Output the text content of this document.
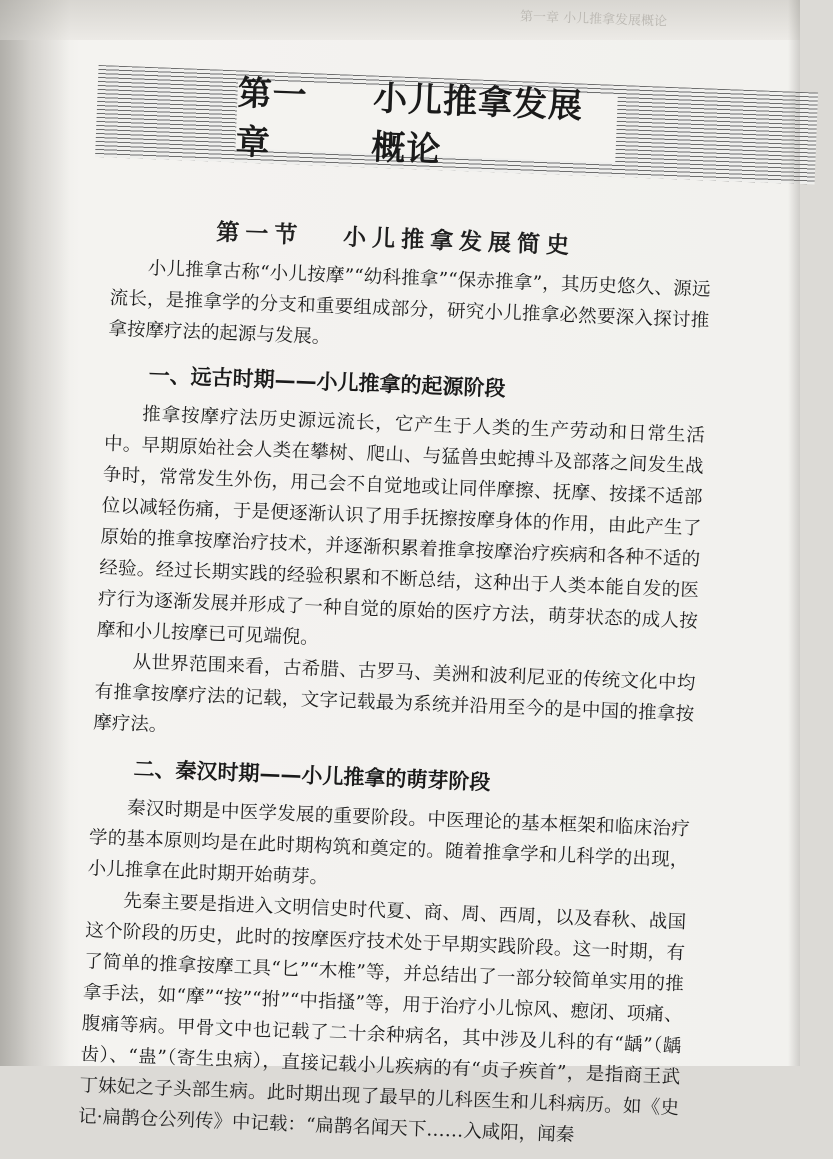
第一章 小儿推拿发展概论
第一章
小儿推拿发展概论
第一节 小儿推拿发展简史

小儿推拿古称“小儿按摩”“幼科推拿”“保赤推拿”，其历史悠久、源远流长，是推拿学的分支和重要组成部分，研究小儿推拿必然要深入探讨推拿按摩疗法的起源与发展。

一、远古时期——小儿推拿的起源阶段

推拿按摩疗法历史源远流长，它产生于人类的生产劳动和日常生活中。早期原始社会人类在攀树、爬山、与猛兽虫蛇搏斗及部落之间发生战争时，常常发生外伤，用己会不自觉地或让同伴摩擦、抚摩、按揉不适部位以减轻伤痛，于是便逐渐认识了用手抚擦按摩身体的作用，由此产生了原始的推拿按摩治疗技术，并逐渐积累着推拿按摩治疗疾病和各种不适的经验。经过长期实践的经验积累和不断总结，这种出于人类本能自发的医疗行为逐渐发展并形成了一种自觉的原始的医疗方法，萌芽状态的成人按摩和小儿按摩已可见端倪。

从世界范围来看，古希腊、古罗马、美洲和波利尼亚的传统文化中均有推拿按摩疗法的记载，文字记载最为系统并沿用至今的是中国的推拿按摩疗法。

二、秦汉时期——小儿推拿的萌芽阶段

秦汉时期是中医学发展的重要阶段。中医理论的基本框架和临床治疗学的基本原则均是在此时期构筑和奠定的。随着推拿学和儿科学的出现，小儿推拿在此时期开始萌芽。

先秦主要是指进入文明信史时代夏、商、周、西周，以及春秋、战国这个阶段的历史，此时的按摩医疗技术处于早期实践阶段。这一时期，有了简单的推拿按摩工具“匕”“木椎”等，并总结出了一部分较简单实用的推拿手法，如“摩”“按”“拊”“中指搔”等，用于治疗小儿惊风、瘛闭、项痛、腹痛等病。甲骨文中也记载了二十余种病名，其中涉及儿科的有“龋”（龋齿）、“蛊”（寄生虫病），直接记载小儿疾病的有“贞子疾首”，是指商王武丁妹妃之子头部生病。此时期出现了最早的儿科医生和儿科病历。如《史记·扁鹊仓公列传》中记载：“扁鹊名闻天下……入咸阳，闻秦
